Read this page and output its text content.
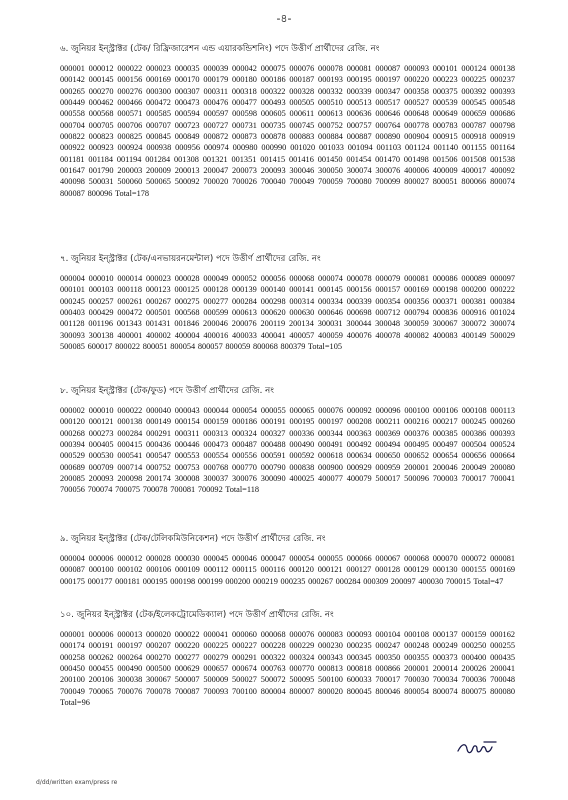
-৪-

৬. জুনিয়র ইন্স্ট্রাক্টর (টেক/ রিফ্রিজারেশন এন্ড এয়ারকন্ডিশনিং) পদে উত্তীর্ণ প্রার্থীদের রেজি. নং

000001 000012 000022 000023 000035 000039 000042 000075 000076 000078 000081 000087 000093 000101 000124 000138 000142 000145 000156 000169 000170 000179 000180 000186 000187 000193 000195 000197 000220 000223 000225 000237 000265 000270 000276 000300 000307 000311 000318 000322 000328 000332 000339 000347 000358 000375 000392 000393 000449 000462 000466 000472 000473 000476 000477 000493 000505 000510 000513 000517 000527 000539 000545 000548 000558 000568 000571 000585 000594 000597 000598 000605 000611 000613 000636 000646 000648 000649 000659 000686 000704 000705 000706 000707 000723 000727 000731 000735 000745 000752 000757 000764 000778 000783 000787 000798 000822 000823 000825 000845 000849 000872 000873 000878 000883 000884 000887 000890 000904 000915 000918 000919 000922 000923 000924 000938 000956 000974 000980 000990 001020 001033 001094 001103 001124 001140 001155 001164 001181 001184 001194 001284 001308 001321 001351 001415 001416 001450 001454 001470 001498 001506 001508 001538 001647 001790 200003 200009 200013 200047 200073 200093 300046 300050 300074 300076 400006 400009 400017 400092 400098 500031 500060 500065 500092 700020 700026 700040 700049 700059 700080 700099 800027 800051 800066 800074 800087 800096 Total=178

৭. জুনিয়র ইন্স্ট্রাক্টর (টেক/এনভায়রনমেন্টাল) পদে উত্তীর্ণ প্রার্থীদের রেজি. নং

000004 000010 000014 000023 000028 000049 000052 000056 000068 000074 000078 000079 000081 000086 000089 000097 000101 000103 000118 000123 000125 000128 000139 000140 000141 000145 000156 000157 000169 000198 000200 000222 000245 000257 000261 000267 000275 000277 000284 000298 000314 000334 000339 000354 000356 000371 000381 000384 000403 000429 000472 000501 000568 000599 000613 000620 000630 000646 000698 000712 000794 000836 000916 001024 001128 001196 001343 001431 001846 200046 200076 200119 200134 300031 300044 300048 300059 300067 300072 300074 300093 300138 400001 400002 400004 400016 400033 400041 400057 400059 400076 400078 400082 400083 400149 500029 500085 600017 800022 800051 800054 800057 800059 800068 800379 Total=105

৮. জুনিয়র ইন্স্ট্রাক্টর (টেক/ফুড) পদে উত্তীর্ণ প্রার্থীদের রেজি. নং

000002 000010 000022 000040 000043 000044 000054 000055 000065 000076 000092 000096 000100 000106 000108 000113 000120 000121 000138 000149 000154 000159 000186 000191 000195 000197 000208 000211 000216 000217 000245 000260 000268 000273 000284 000291 000311 000313 000324 000327 000336 000344 000363 000369 000376 000385 000386 000393 000394 000405 000415 000436 000446 000473 000487 000488 000490 000491 000492 000494 000495 000497 000504 000524 000529 000530 000541 000547 000553 000554 000556 000591 000592 000618 000634 000650 000652 000654 000656 000664 000689 000709 000714 000752 000753 000768 000770 000790 000838 000900 000929 000959 200001 200046 200049 200080 200085 200093 200098 200174 300008 300037 300076 300090 400025 400077 400079 500017 500096 700003 700017 700041 700056 700074 700075 700078 700081 700092 Total=118

৯. জুনিয়র ইন্স্ট্রাক্টর (টেক/টেলিকমিউনিকেশন) পদে উত্তীর্ণ প্রার্থীদের রেজি. নং

000004 000006 000012 000028 000030 000045 000046 000047 000054 000055 000066 000067 000068 000070 000072 000081 000087 000100 000102 000106 000109 000112 000115 000116 000120 000121 000127 000128 000129 000130 000155 000169 000175 000177 000181 000195 000198 000199 000200 000219 000235 000267 000284 000309 200097 400030 700015 Total=47

১০. জুনিয়র ইন্স্ট্রাক্টর (টেক/ইলেকট্রোমেডিক্যাল) পদে উত্তীর্ণ প্রার্থীদের রেজি. নং

000001 000006 000013 000020 000022 000041 000060 000068 000076 000083 000093 000104 000108 000137 000159 000162 000174 000191 000197 000207 000220 000225 000227 000228 000229 000230 000235 000247 000248 000249 000250 000255 000258 000262 000264 000270 000277 000279 000291 000322 000324 000343 000345 000350 000355 000373 000400 000435 000450 000455 000490 000500 000629 000657 000674 000763 000770 000813 000818 000866 200001 200014 200026 200041 200100 200106 300038 300067 500007 500009 500027 500072 500095 500100 600033 700017 700030 700034 700036 700048 700049 700065 700076 700078 700087 700093 700100 800004 800007 800020 800045 800046 800054 800074 800075 800080 Total=96

d/dd/written exam/press re
